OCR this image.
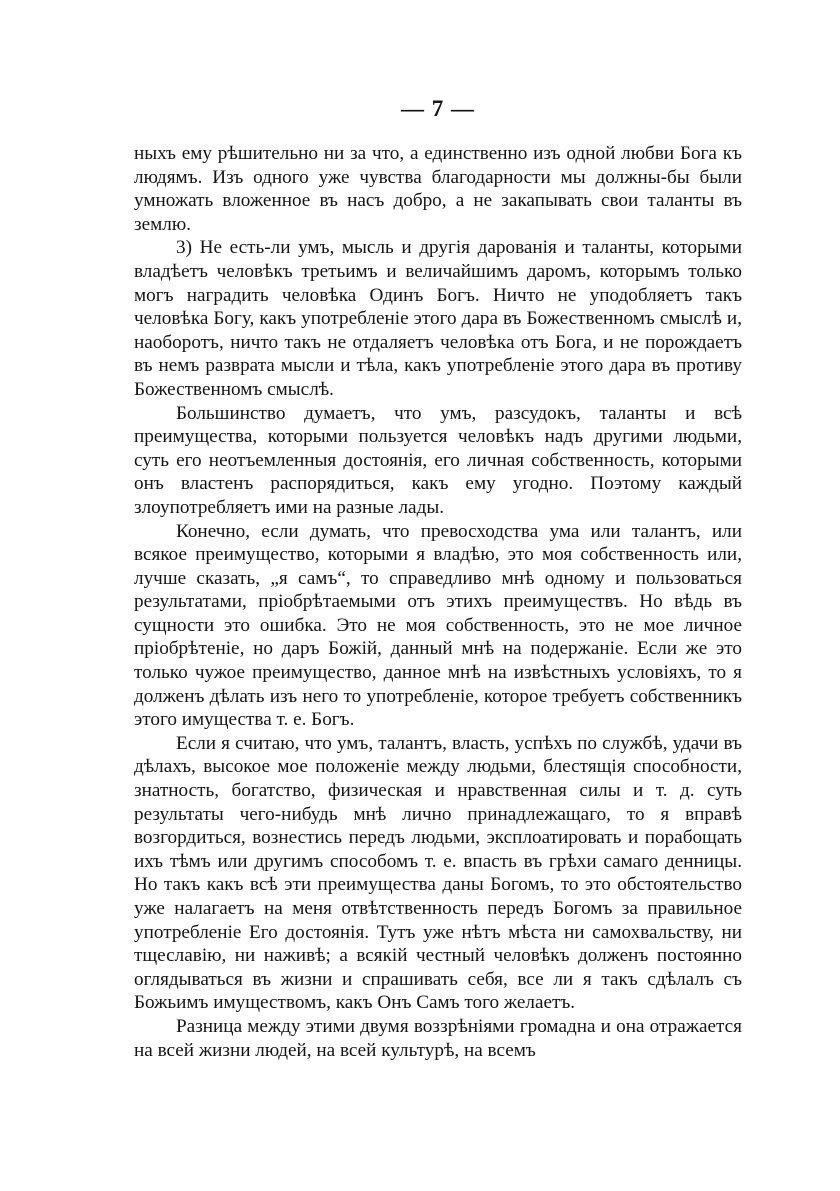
— 7 —

ныхъ ему рѣшительно ни за что, а единственно изъ одной любви Бога къ людямъ. Изъ одного уже чувства благодарности мы должны-бы были умножать вложенное въ насъ добро, а не закапывать свои таланты въ землю.

3) Не есть-ли умъ, мысль и другія дарованія и таланты, которыми владѣетъ человѣкъ третьимъ и величайшимъ даромъ, которымъ только могъ наградить человѣка Одинъ Богъ. Ничто не уподобляетъ такъ человѣка Богу, какъ употребленіе этого дара въ Божественномъ смыслѣ и, наоборотъ, ничто такъ не отдаляетъ человѣка отъ Бога, и не порождаетъ въ немъ разврата мысли и тѣла, какъ употребленіе этого дара въ противу Божественномъ смыслѣ.

Большинство думаетъ, что умъ, разсудокъ, таланты и всѣ преимущества, которыми пользуется человѣкъ надъ другими людьми, суть его неотъемленныя достоянія, его личная собственность, которыми онъ властенъ распорядиться, какъ ему угодно. Поэтому каждый злоупотребляетъ ими на разные лады.

Конечно, если думать, что превосходства ума или талантъ, или всякое преимущество, которыми я владѣю, это моя собственность или, лучше сказать, „я самъ“, то справедливо мнѣ одному и пользоваться результатами, пріобрѣтаемыми отъ этихъ преимуществъ. Но вѣдь въ сущности это ошибка. Это не моя собственность, это не мое личное пріобрѣтеніе, но даръ Божій, данный мнѣ на подержаніе. Если же это только чужое преимущество, данное мнѣ на извѣстныхъ условіяхъ, то я долженъ дѣлать изъ него то употребленіе, которое требуетъ собственникъ этого имущества т. е. Богъ.

Если я считаю, что умъ, талантъ, власть, успѣхъ по службѣ, удачи въ дѣлахъ, высокое мое положеніе между людьми, блестящія способности, знатность, богатство, физическая и нравственная силы и т. д. суть результаты чего-нибудь мнѣ лично принадлежащаго, то я вправѣ возгордиться, вознестись передъ людьми, эксплоатировать и порабощать ихъ тѣмъ или другимъ способомъ т. е. впасть въ грѣхи самаго денницы. Но такъ какъ всѣ эти преимущества даны Богомъ, то это обстоятельство уже налагаетъ на меня отвѣтственность передъ Богомъ за правильное употребленіе Его достоянія. Тутъ уже нѣтъ мѣста ни самохвальству, ни тщеславію, ни наживѣ; а всякій честный человѣкъ долженъ постоянно оглядываться въ жизни и спрашивать себя, все ли я такъ сдѣлалъ съ Божьимъ имуществомъ, какъ Онъ Самъ того желаетъ.

Разница между этими двумя воззрѣніями громадна и она отражается на всей жизни людей, на всей культурѣ, на всемъ
